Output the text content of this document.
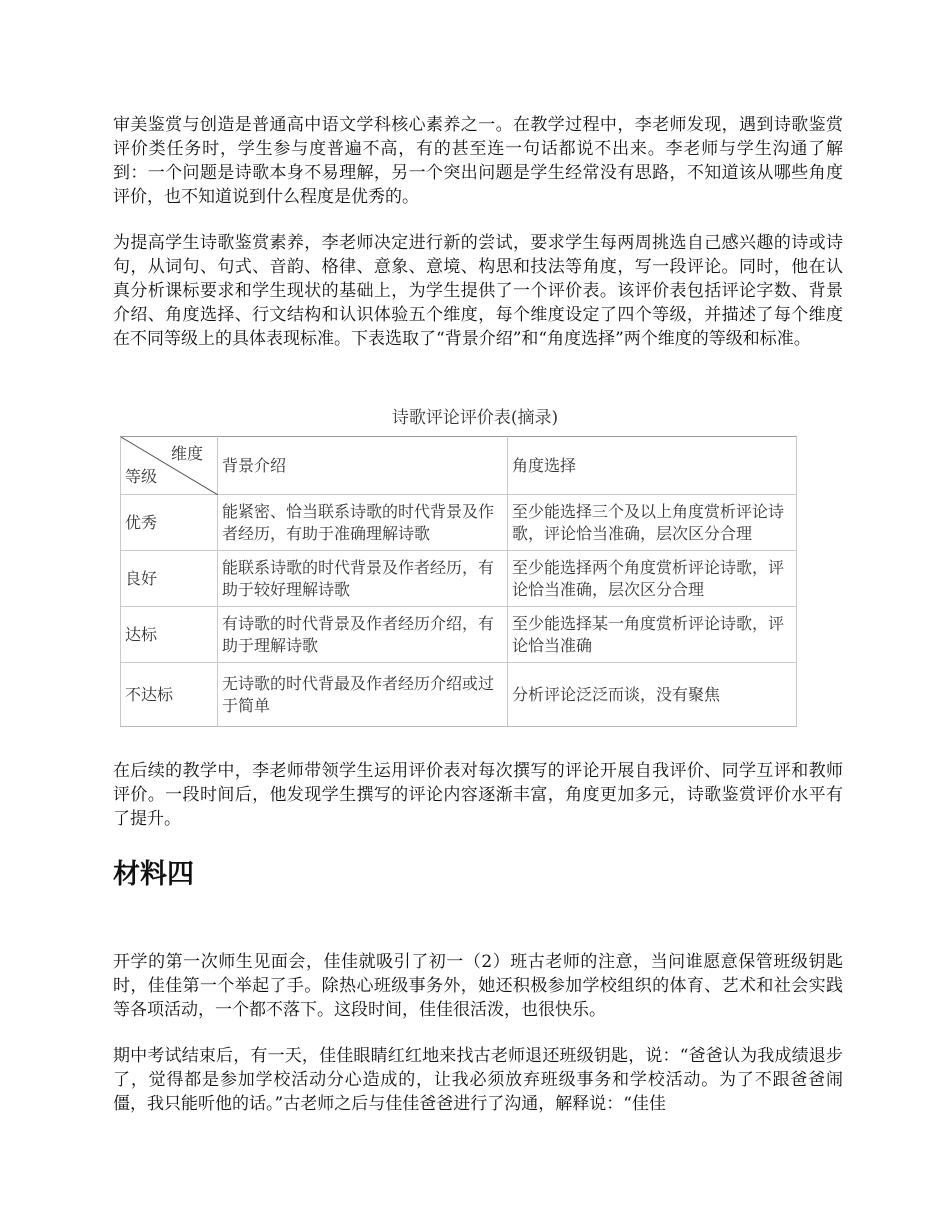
审美鉴赏与创造是普通高中语文学科核心素养之一。在教学过程中，李老师发现，遇到诗歌鉴赏评价类任务时，学生参与度普遍不高，有的甚至连一句话都说不出来。李老师与学生沟通了解到：一个问题是诗歌本身不易理解，另一个突出问题是学生经常没有思路，不知道该从哪些角度评价，也不知道说到什么程度是优秀的。

为提高学生诗歌鉴赏素养，李老师决定进行新的尝试，要求学生每两周挑选自己感兴趣的诗或诗句，从词句、句式、音韵、格律、意象、意境、构思和技法等角度，写一段评论。同时，他在认真分析课标要求和学生现状的基础上，为学生提供了一个评价表。该评价表包括评论字数、背景介绍、角度选择、行文结构和认识体验五个维度，每个维度设定了四个等级，并描述了每个维度在不同等级上的具体表现标准。下表选取了“背景介绍”和“角度选择”两个维度的等级和标准。

诗歌评论评价表(摘录)
维度
等级	背景介绍	角度选择
优秀	能紧密、恰当联系诗歌的时代背景及作者经历，有助于准确理解诗歌	至少能选择三个及以上角度赏析评论诗歌，评论恰当准确，层次区分合理
良好	能联系诗歌的时代背景及作者经历，有助于较好理解诗歌	至少能选择两个角度赏析评论诗歌，评论恰当准确，层次区分合理
达标	有诗歌的时代背景及作者经历介绍，有助于理解诗歌	至少能选择某一角度赏析评论诗歌，评论恰当准确
不达标	无诗歌的时代背最及作者经历介绍或过于简单	分析评论泛泛而谈，没有聚焦

在后续的教学中，李老师带领学生运用评价表对每次撰写的评论开展自我评价、同学互评和教师评价。一段时间后，他发现学生撰写的评论内容逐渐丰富，角度更加多元，诗歌鉴赏评价水平有了提升。

材料四

开学的第一次师生见面会，佳佳就吸引了初一（2）班古老师的注意，当问谁愿意保管班级钥匙时，佳佳第一个举起了手。除热心班级事务外，她还积极参加学校组织的体育、艺术和社会实践等各项活动，一个都不落下。这段时间，佳佳很活泼，也很快乐。

期中考试结束后，有一天，佳佳眼睛红红地来找古老师退还班级钥匙，说：“爸爸认为我成绩退步了，觉得都是参加学校活动分心造成的，让我必须放弃班级事务和学校活动。为了不跟爸爸闹僵，我只能听他的话。”古老师之后与佳佳爸爸进行了沟通，解释说：“佳佳
